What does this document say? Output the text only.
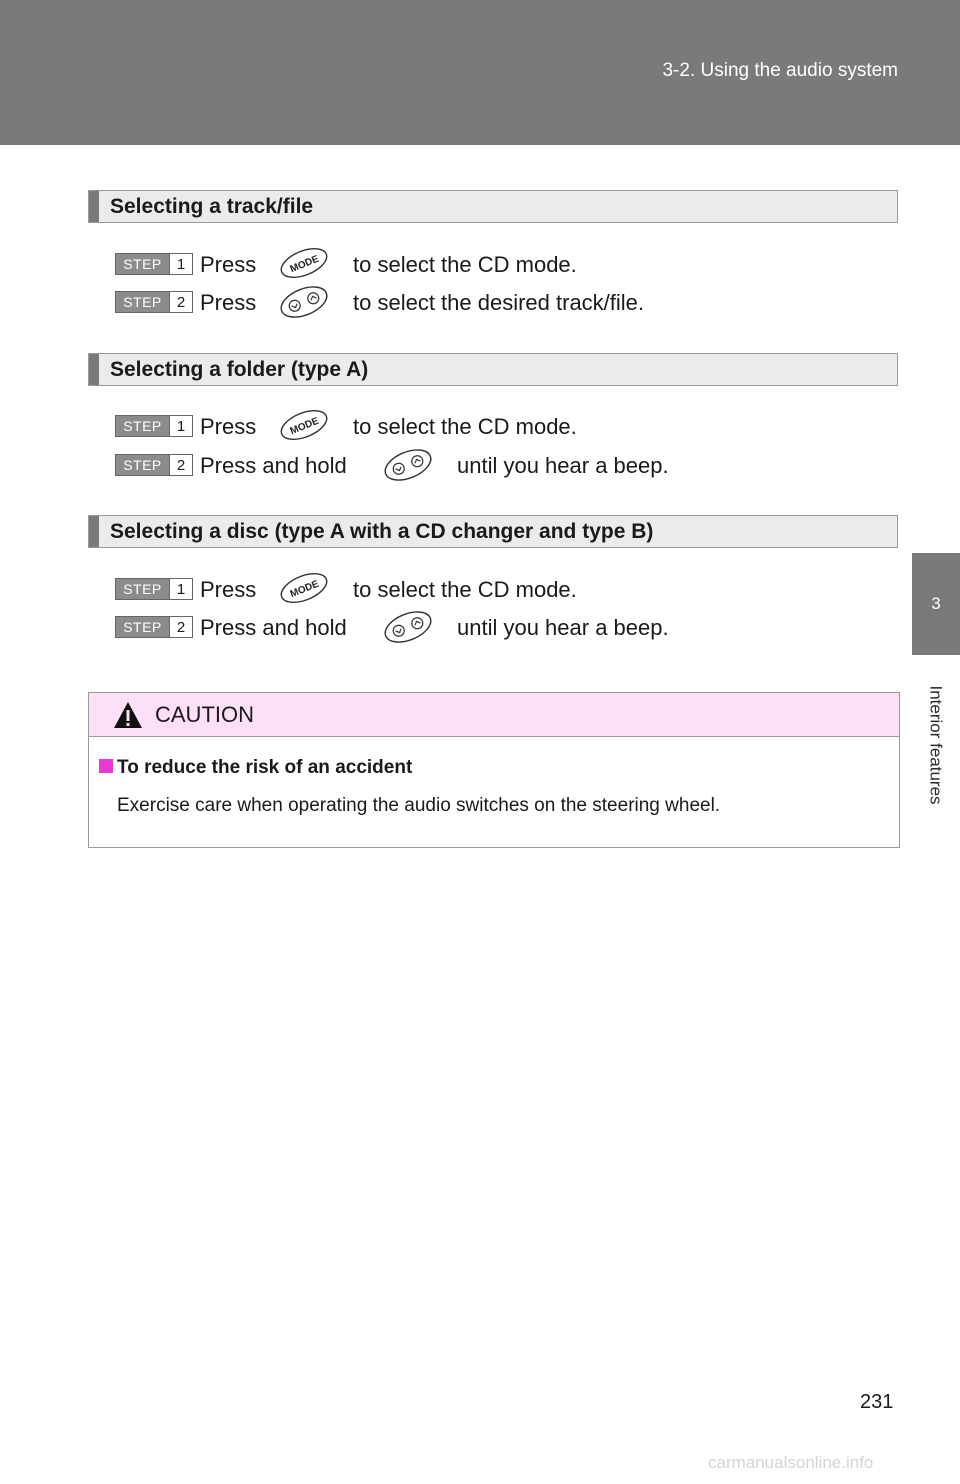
3-2. Using the audio system
3
Interior features
Selecting a track/file
STEP	1 Press	MODE to select the CD mode.
STEP	2 Press	to select the desired track/file.
Selecting a folder (type A)
STEP	1 Press	MODE to select the CD mode.
STEP	2 Press and hold	until you hear a beep.
Selecting a disc (type A with a CD changer and type B)
STEP	1 Press	MODE to select the CD mode.
STEP	2 Press and hold	until you hear a beep.
CAUTION
To reduce the risk of an accident
Exercise care when operating the audio switches on the steering wheel.
231
carmanualsonline.info
